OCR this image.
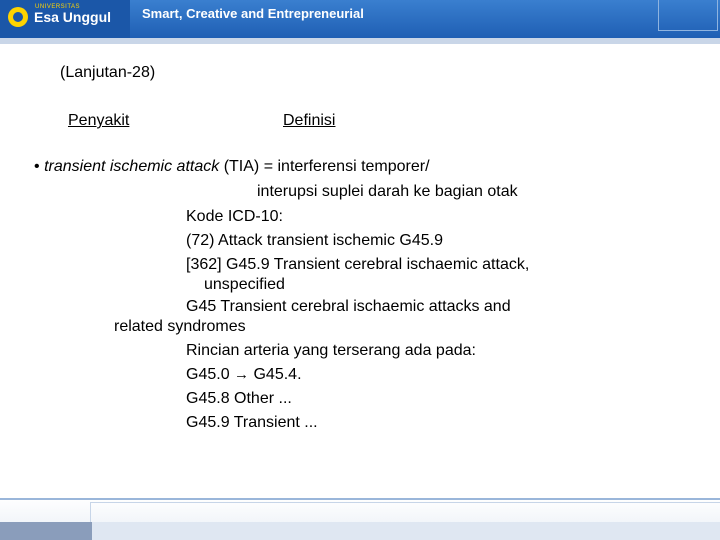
UNIVERSITAS
Esa Unggul Smart, Creative and Entrepreneurial
(Lanjutan-28)
Penyakit	Definisi
• transient ischemic attack (TIA) = interferensi temporer/
interupsi suplei darah ke bagian otak
Kode ICD-10:
(72) Attack transient ischemic G45.9
[362] G45.9 Transient cerebral ischaemic attack,
unspecified
G45 Transient cerebral ischaemic attacks and
related syndromes
Rincian arteria yang terserang ada pada:
G45.0 → G45.4.
G45.8 Other ...
G45.9 Transient ...
